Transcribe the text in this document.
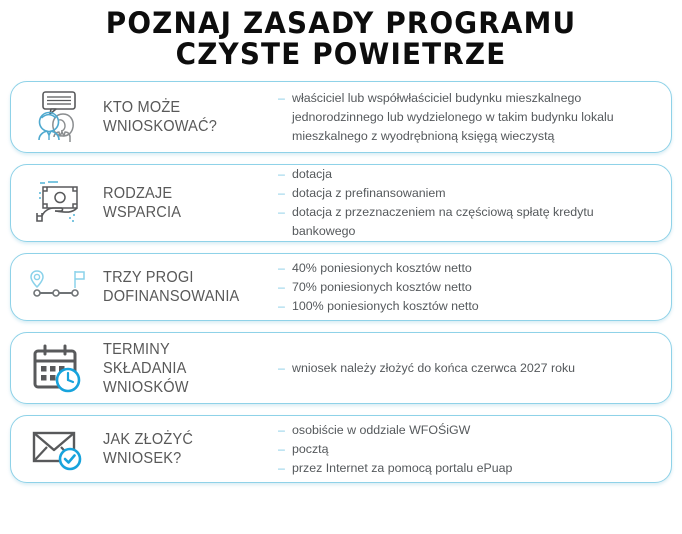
POZNAJ ZASADY PROGRAMU
CZYSTE POWIETRZE
KTO MOŻE
WNIOSKOWAĆ?
– właściciel lub współwłaściciel budynku mieszkalnego jednorodzinnego lub wydzielonego w takim budynku lokalu mieszkalnego z wyodrębnioną księgą wieczystą
RODZAJE
WSPARCIA
– dotacja
– dotacja z prefinansowaniem
– dotacja z przeznaczeniem na częściową spłatę kredytu bankowego
TRZY PROGI
DOFINANSOWANIA
– 40% poniesionych kosztów netto
– 70% poniesionych kosztów netto
– 100% poniesionych kosztów netto
TERMINY
SKŁADANIA
WNIOSKÓW
– wniosek należy złożyć do końca czerwca 2027 roku
JAK ZŁOŻYĆ
WNIOSEK?
– osobiście w oddziale WFOŚiGW
– pocztą
– przez Internet za pomocą portalu ePuap
